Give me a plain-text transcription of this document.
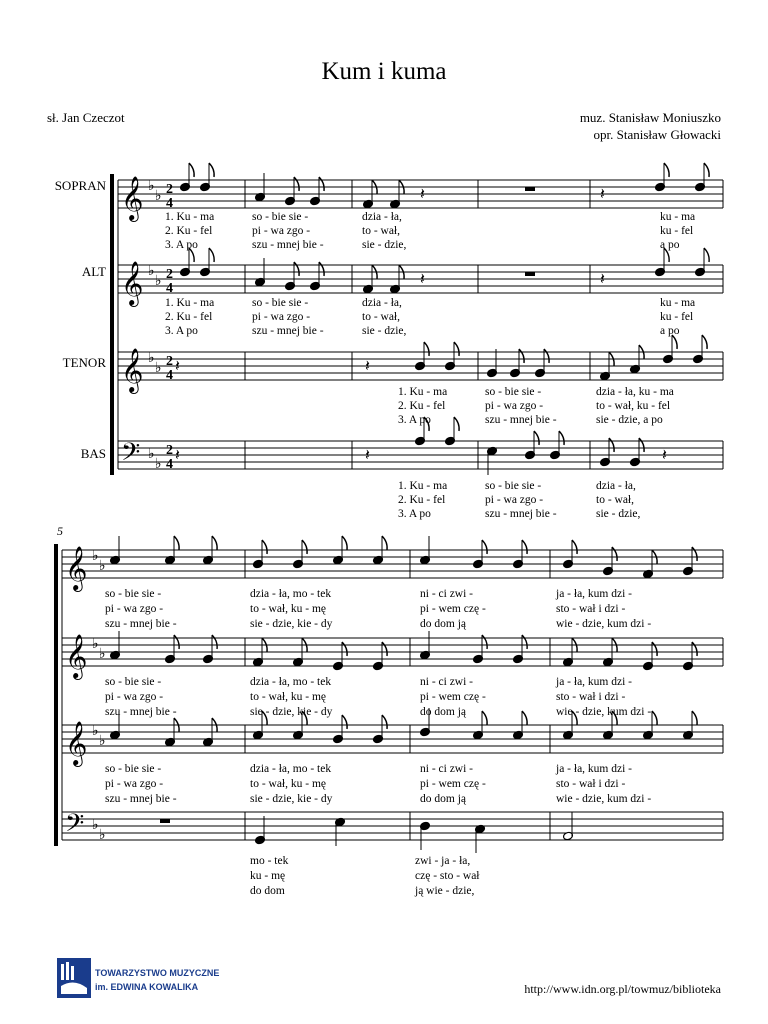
Kum i kuma
sł. Jan Czeczot	muz. Stanisław Moniuszko
opr. Stanisław Głowacki
SOPRAN
ALT
TENOR
BAS
5
𝄞 ♭
♭ 2
4
𝄞 ♭
♭ 2
4
𝄞 ♭
♭ 2
4
𝄢 ♭
♭
2
4
𝄽	𝄽
𝄽	𝄽
𝄽	𝄽
𝄽	𝄽	𝄽
𝄞 ♭
♭
𝄞 ♭
♭
𝄞 ♭
♭
𝄢 ♭
♭
1. Ku - ma	so - bie sie -	dzia - ła,	ku - ma
2. Ku - fel	pi - wa zgo -	to - wał,	ku - fel
3. A po	szu - mnej bie -	sie - dzie,	a po
1. Ku - ma	so - bie sie -	dzia - ła,	ku - ma
2. Ku - fel	pi - wa zgo -	to - wał,	ku - fel
3. A po	szu - mnej bie -	sie - dzie,	a po
1. Ku - ma	so - bie sie -	dzia - ła, ku - ma
2. Ku - fel	pi - wa zgo -	to - wał, ku - fel
3. A po	szu - mnej bie -	sie - dzie, a po
1. Ku - ma	so - bie sie -	dzia - ła,
2. Ku - fel	pi - wa zgo -	to - wał,
3. A po	szu - mnej bie -	sie - dzie,
so - bie sie -	dzia - ła, mo - tek	ni - ci zwi -	ja - ła, kum dzi -
so - bie sie -	dzia - ła, mo - tek	ni - ci zwi -	ja - ła, kum dzi -
so - bie sie -	dzia - ła, mo - tek	ni - ci zwi -	ja - ła, kum dzi -
pi - wa zgo -	to - wał, ku - mę	pi - wem czę -	sto - wał i dzi -
pi - wa zgo -	to - wał, ku - mę	pi - wem czę -	sto - wał i dzi -
pi - wa zgo -	to - wał, ku - mę	pi - wem czę -	sto - wał i dzi -
szu - mnej bie -	sie - dzie, kie - dy	do dom ją	wie - dzie, kum dzi -
szu - mnej bie -	sie - dzie, kie - dy	do dom ją	wie - dzie, kum dzi -
szu - mnej bie -	sie - dzie, kie - dy	do dom ją	wie - dzie, kum dzi -
mo - tek	zwi - ja - ła,
ku - mę	czę - sto - wał
do dom	ją wie - dzie,
TOWARZYSTWO MUZYCZNE
im. EDWINA KOWALIKA	http://www.idn.org.pl/towmuz/biblioteka
